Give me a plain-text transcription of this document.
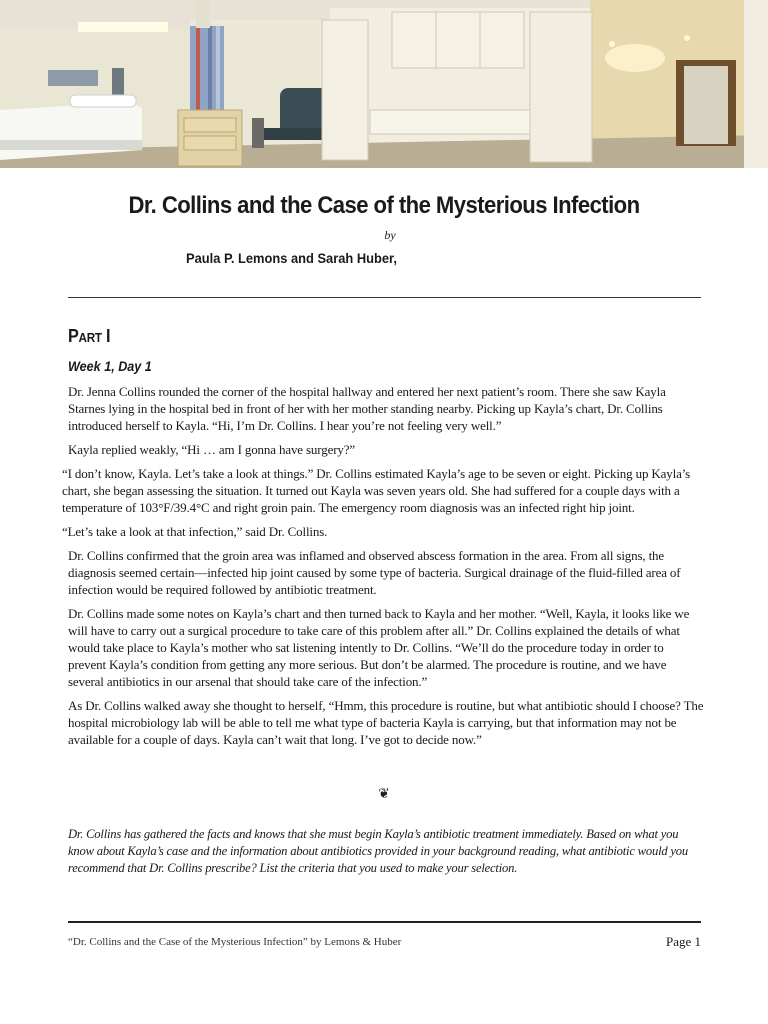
Dr. Collins and the Case of the Mysterious Infection
by
Paula P. Lemons and Sarah Huber,
Part I
Week 1, Day 1

Dr. Jenna Collins rounded the corner of the hospital hallway and entered her next patient’s room. There she saw Kayla Starnes lying in the hospital bed in front of her with her mother standing nearby. Picking up Kayla’s chart, Dr. Collins introduced herself to Kayla. “Hi, I’m Dr. Collins. I hear you’re not feeling very well.”

Kayla replied weakly, “Hi … am I gonna have surgery?”

“I don’t know, Kayla. Let’s take a look at things.” Dr. Collins estimated Kayla’s age to be seven or eight. Picking up Kayla’s chart, she began assessing the situation. It turned out Kayla was seven years old. She had suffered for a couple days with a temperature of 103°F/39.4°C and right groin pain. The emergency room diagnosis was an infected right hip joint.

“Let’s take a look at that infection,” said Dr. Collins.

Dr. Collins confirmed that the groin area was inflamed and observed abscess formation in the area. From all signs, the diagnosis seemed certain—infected hip joint caused by some type of bacteria. Surgical drainage of the fluid-filled area of infection would be required followed by antibiotic treatment.

Dr. Collins made some notes on Kayla’s chart and then turned back to Kayla and her mother. “Well, Kayla, it looks like we will have to carry out a surgical procedure to take care of this problem after all.” Dr. Collins explained the details of what would take place to Kayla’s mother who sat listening intently to Dr. Collins. “We’ll do the procedure today in order to prevent Kayla’s condition from getting any more serious. But don’t be alarmed. The procedure is routine, and we have several antibiotics in our arsenal that should take care of the infection.”

As Dr. Collins walked away she thought to herself, “Hmm, this procedure is routine, but what antibiotic should I choose? The hospital microbiology lab will be able to tell me what type of bacteria Kayla is carrying, but that information may not be available for a couple of days. Kayla can’t wait that long. I’ve got to decide now.”

❦
Dr. Collins has gathered the facts and knows that she must begin Kayla’s antibiotic treatment immediately. Based on what you know about Kayla’s case and the information about antibiotics provided in your background reading, what antibiotic would you recommend that Dr. Collins prescribe? List the criteria that you used to make your selection.
“Dr. Collins and the Case of the Mysterious Infection” by Lemons & Huber	Page 1
